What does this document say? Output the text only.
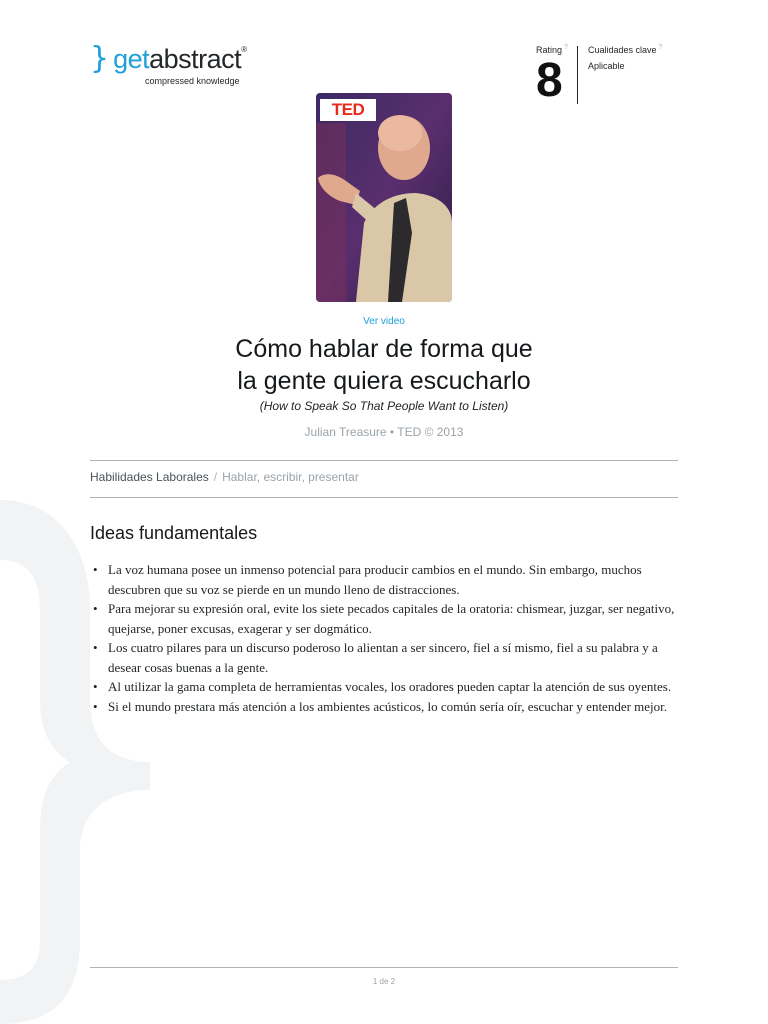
} getabstract®
compressed knowledge
Rating ?
8
Cualidades clave ?
Aplicable
TED
Ver video
Cómo hablar de forma que
la gente quiera escucharlo
(How to Speak So That People Want to Listen)
Julian Treasure • TED © 2013
Habilidades Laborales / Hablar, escribir, presentar
Ideas fundamentales
• La voz humana posee un inmenso potencial para producir cambios en el mundo. Sin embargo, muchos descubren que su voz se pierde en un mundo lleno de distracciones.
• Para mejorar su expresión oral, evite los siete pecados capitales de la oratoria: chismear, juzgar, ser negativo, quejarse, poner excusas, exagerar y ser dogmático.
• Los cuatro pilares para un discurso poderoso lo alientan a ser sincero, fiel a sí mismo, fiel a su palabra y a desear cosas buenas a la gente.
• Al utilizar la gama completa de herramientas vocales, los oradores pueden captar la atención de sus oyentes.
• Si el mundo prestara más atención a los ambientes acústicos, lo común sería oír, escuchar y entender mejor.
1 de 2
